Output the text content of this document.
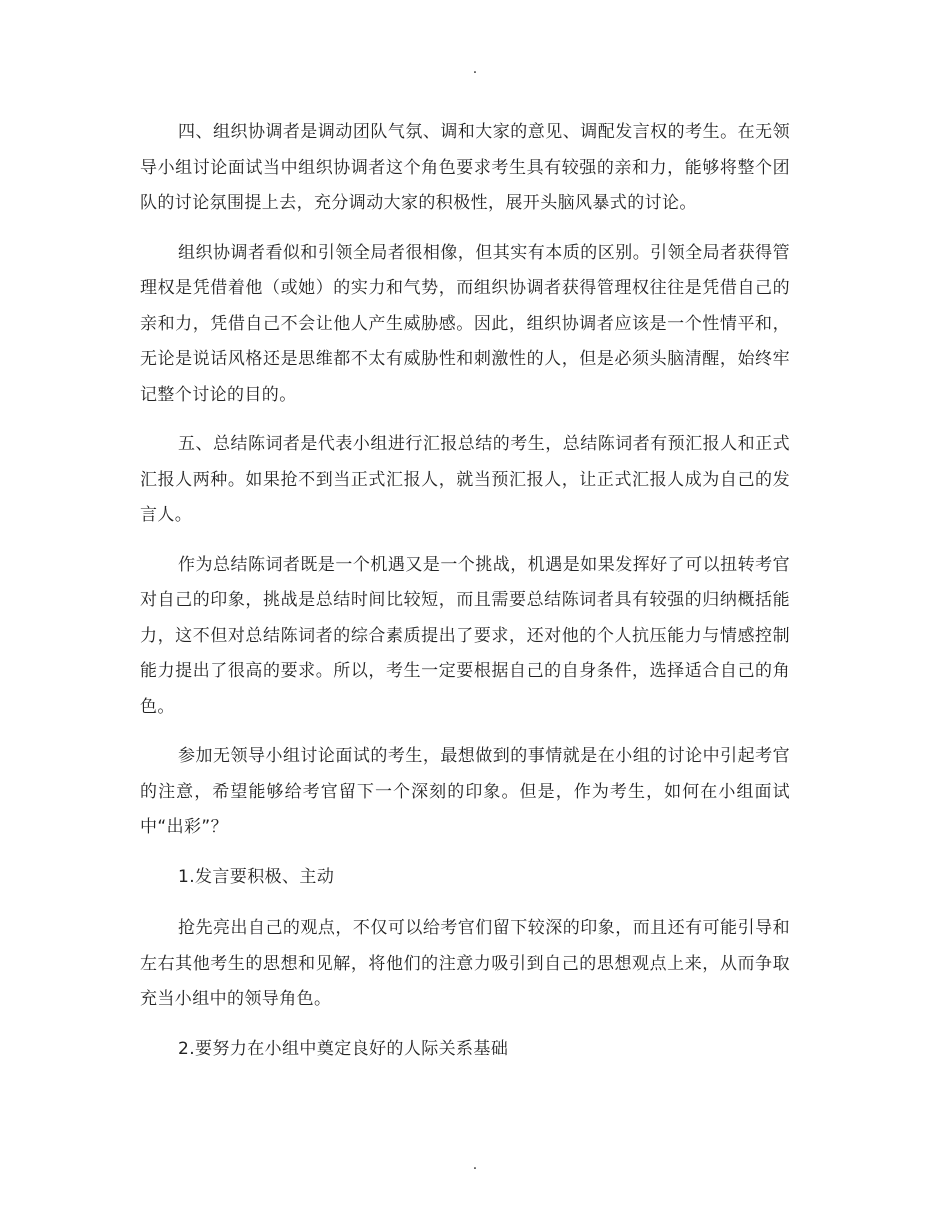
.

四、组织协调者是调动团队气氛、调和大家的意见、调配发言权的考生。在无领导小组讨论面试当中组织协调者这个角色要求考生具有较强的亲和力，能够将整个团队的讨论氛围提上去，充分调动大家的积极性，展开头脑风暴式的讨论。

组织协调者看似和引领全局者很相像，但其实有本质的区别。引领全局者获得管理权是凭借着他（或她）的实力和气势，而组织协调者获得管理权往往是凭借自己的亲和力，凭借自己不会让他人产生威胁感。因此，组织协调者应该是一个性情平和，无论是说话风格还是思维都不太有威胁性和刺激性的人，但是必须头脑清醒，始终牢记整个讨论的目的。

五、总结陈词者是代表小组进行汇报总结的考生，总结陈词者有预汇报人和正式汇报人两种。如果抢不到当正式汇报人，就当预汇报人，让正式汇报人成为自己的发言人。

作为总结陈词者既是一个机遇又是一个挑战，机遇是如果发挥好了可以扭转考官对自己的印象，挑战是总结时间比较短，而且需要总结陈词者具有较强的归纳概括能力，这不但对总结陈词者的综合素质提出了要求，还对他的个人抗压能力与情感控制能力提出了很高的要求。所以，考生一定要根据自己的自身条件，选择适合自己的角色。

参加无领导小组讨论面试的考生，最想做到的事情就是在小组的讨论中引起考官的注意，希望能够给考官留下一个深刻的印象。但是，作为考生，如何在小组面试中“出彩”？

1.发言要积极、主动

抢先亮出自己的观点，不仅可以给考官们留下较深的印象，而且还有可能引导和左右其他考生的思想和见解，将他们的注意力吸引到自己的思想观点上来，从而争取充当小组中的领导角色。

2.要努力在小组中奠定良好的人际关系基础

.
